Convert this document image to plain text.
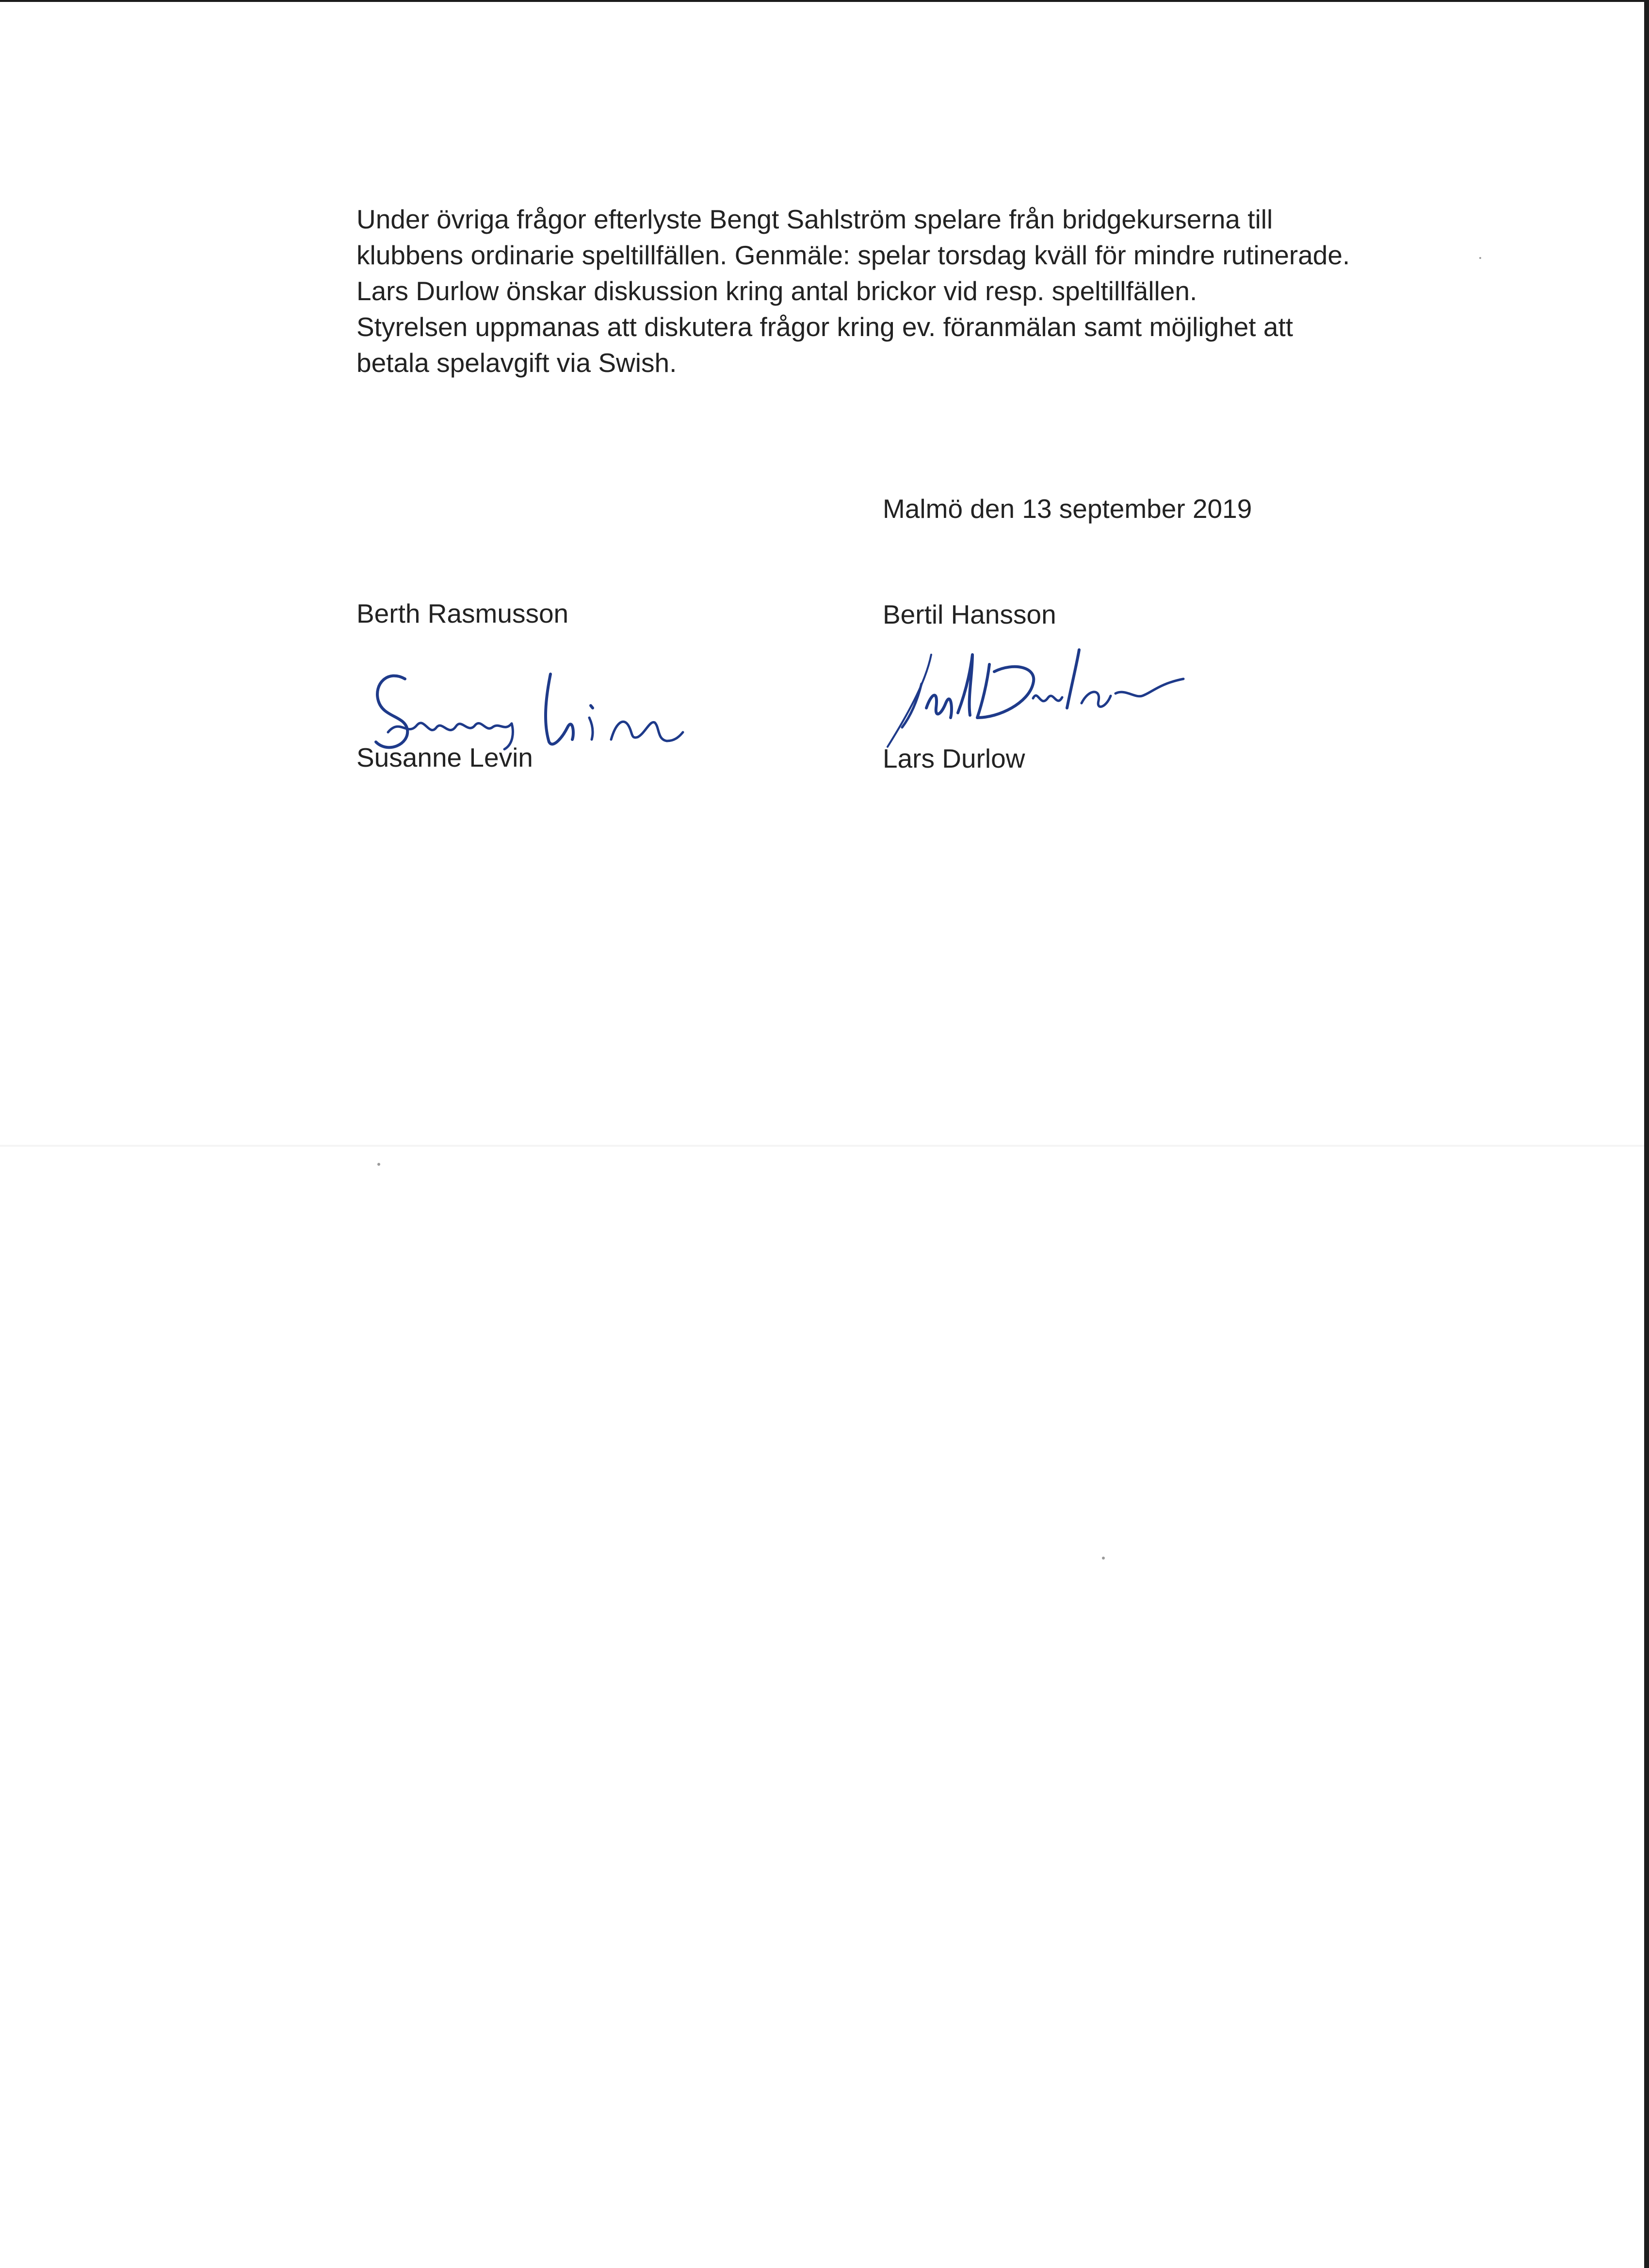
Under övriga frågor efterlyste Bengt Sahlström spelare från bridgekurserna till
klubbens ordinarie speltillfällen. Genmäle: spelar torsdag kväll för mindre rutinerade.
Lars Durlow önskar diskussion kring antal brickor vid resp. speltillfällen.
Styrelsen uppmanas att diskutera frågor kring ev. föranmälan samt möjlighet att
betala spelavgift via Swish.
Malmö den 13 september 2019
Berth Rasmusson	Bertil Hansson
Susanne Levin	Lars Durlow
